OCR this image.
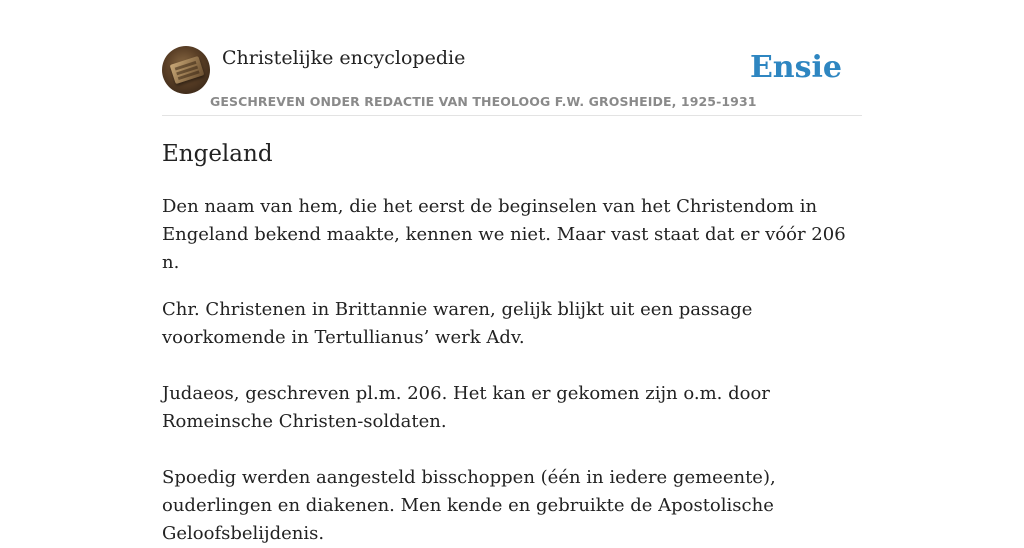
Christelijke encyclopedie
GESCHREVEN ONDER REDACTIE VAN THEOLOOG F.W. GROSHEIDE, 1925-1931
Ensie
Engeland

Den naam van hem, die het eerst de beginselen van het Christendom in Engeland bekend maakte, kennen we niet. Maar vast staat dat er vóór 206 n.

Chr. Christenen in Brittannie waren, gelijk blijkt uit een passage voorkomende in Tertullianus’ werk Adv.

Judaeos, geschreven pl.m. 206. Het kan er gekomen zijn o.m. door Romeinsche Christen-soldaten.

Spoedig werden aangesteld bisschoppen (één in iedere gemeente), ouderlingen en diakenen. Men kende en gebruikte de Apostolische Geloofsbelijdenis.
